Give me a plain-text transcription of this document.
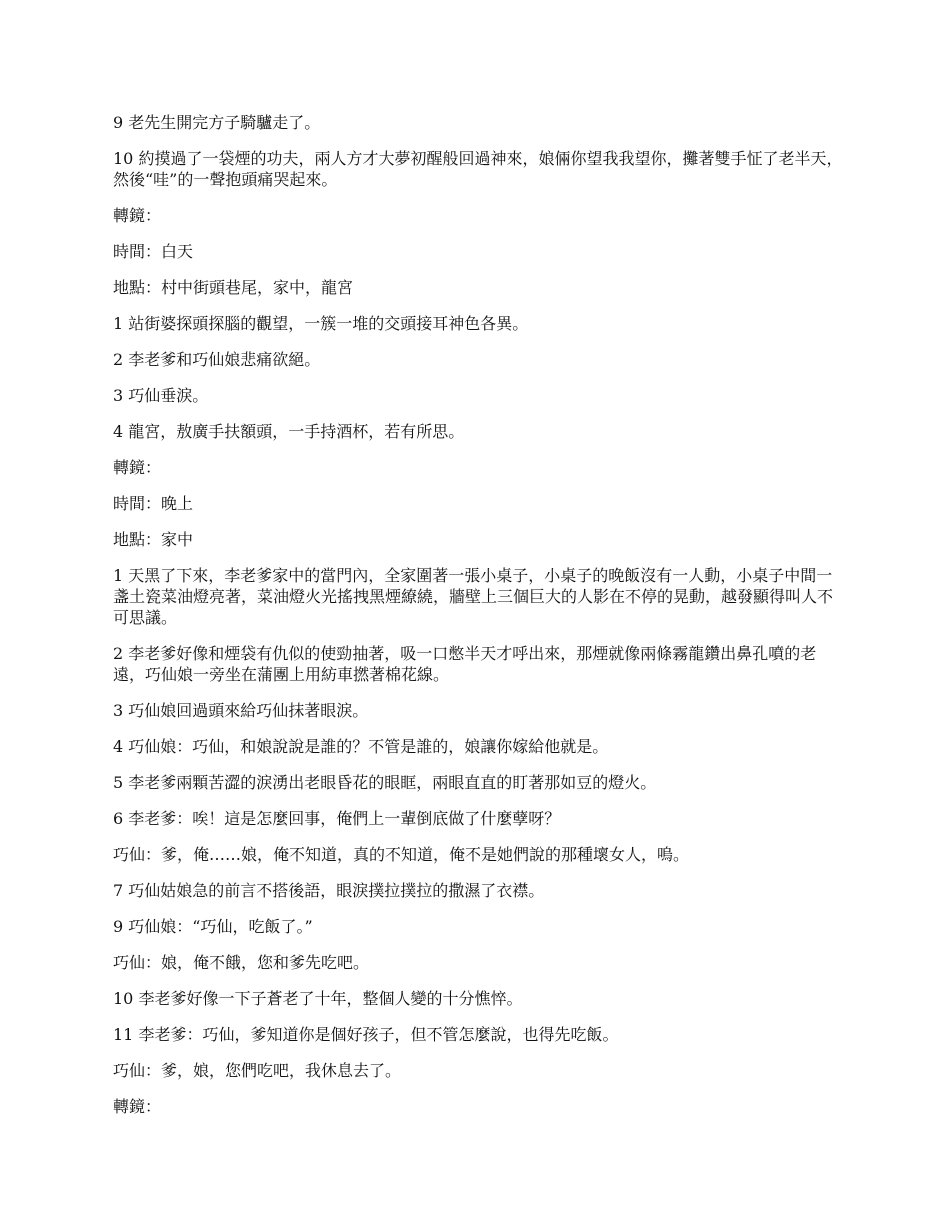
9 老先生開完方子騎驢走了。

10 約摸過了一袋煙的功夫，兩人方才大夢初醒般回過神來，娘倆你望我我望你，攤著雙手怔了老半天，然後“哇”的一聲抱頭痛哭起來。

轉鏡：

時間：白天

地點：村中街頭巷尾，家中，龍宮

1 站街婆探頭探腦的觀望，一簇一堆的交頭接耳神色各異。

2 李老爹和巧仙娘悲痛欲絕。

3 巧仙垂淚。

4 龍宮，敖廣手扶額頭，一手持酒杯，若有所思。

轉鏡：

時間：晚上

地點：家中

1 天黑了下來，李老爹家中的當門內，全家圍著一張小桌子，小桌子的晚飯沒有一人動，小桌子中間一盞土瓷菜油燈亮著，菜油燈火光搖拽黑煙繚繞，牆壁上三個巨大的人影在不停的晃動，越發顯得叫人不可思議。

2 李老爹好像和煙袋有仇似的使勁抽著，吸一口憋半天才呼出來，那煙就像兩條霧龍鑽出鼻孔噴的老遠，巧仙娘一旁坐在蒲團上用紡車撚著棉花線。

3 巧仙娘回過頭來給巧仙抹著眼淚。

4 巧仙娘：巧仙，和娘說說是誰的？不管是誰的，娘讓你嫁給他就是。

5 李老爹兩顆苦澀的淚湧出老眼昏花的眼眶，兩眼直直的盯著那如豆的燈火。

6 李老爹：唉！這是怎麼回事，俺們上一輩倒底做了什麼孽呀？

巧仙：爹，俺……娘，俺不知道，真的不知道，俺不是她們說的那種壞女人，嗚。

7 巧仙姑娘急的前言不搭後語，眼淚撲拉撲拉的撒濕了衣襟。

9 巧仙娘：“巧仙，吃飯了。”

巧仙：娘，俺不餓，您和爹先吃吧。

10 李老爹好像一下子蒼老了十年，整個人變的十分憔悴。

11 李老爹：巧仙，爹知道你是個好孩子，但不管怎麼說，也得先吃飯。

巧仙：爹，娘，您們吃吧，我休息去了。

轉鏡：
